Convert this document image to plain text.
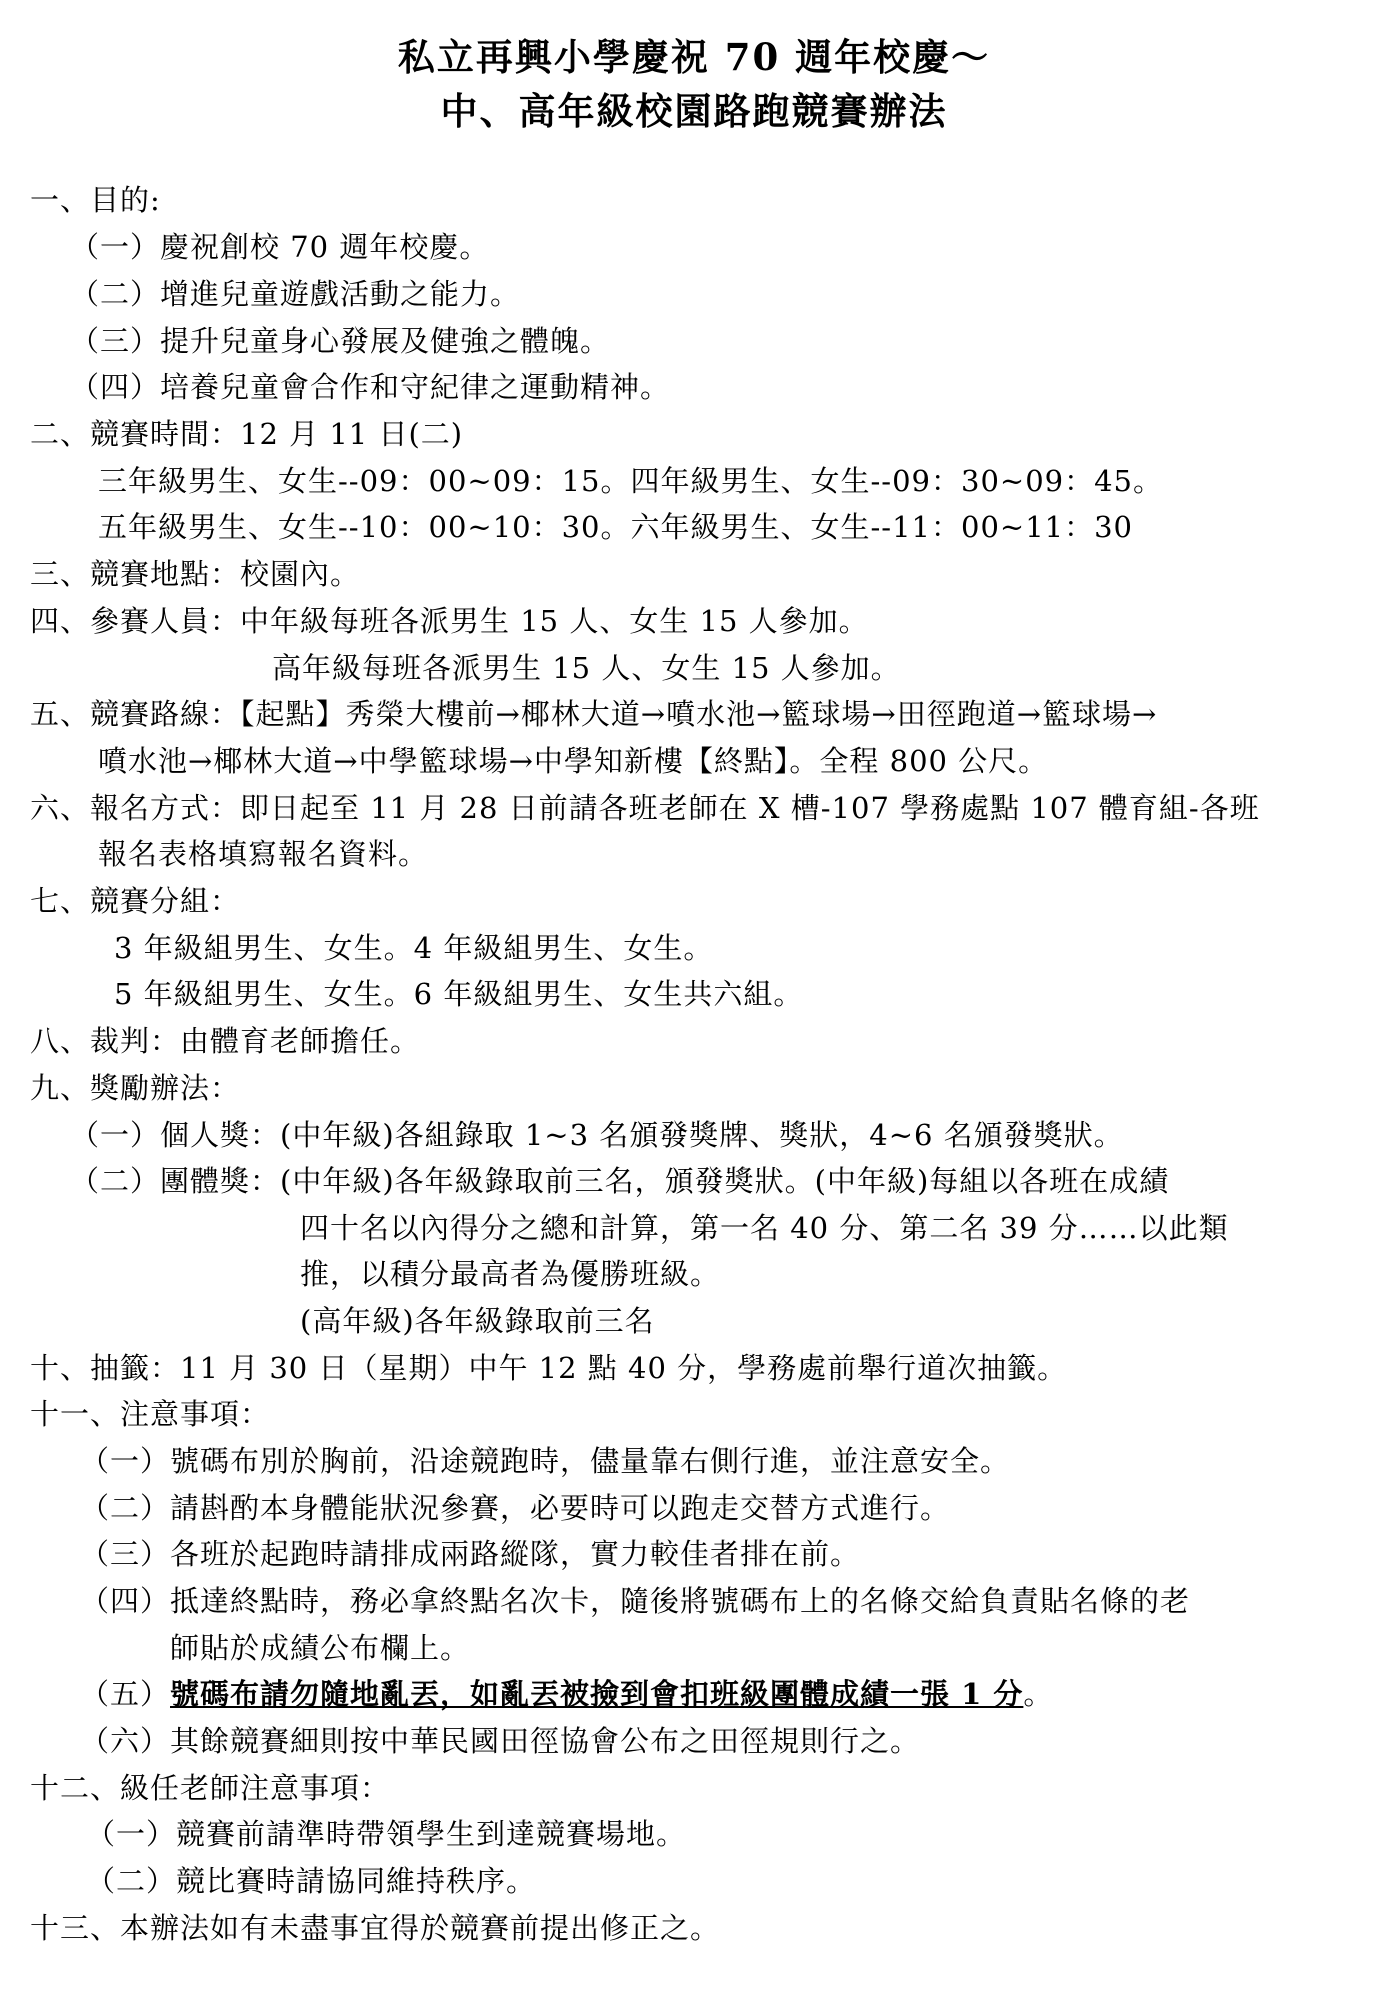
私立再興小學慶祝 70 週年校慶～
中、高年級校園路跑競賽辦法
一、目的:
（一）慶祝創校 70 週年校慶。
（二）增進兒童遊戲活動之能力。
（三）提升兒童身心發展及健強之體魄。
（四）培養兒童會合作和守紀律之運動精神。
二、競賽時間：12 月 11 日(二)
三年級男生、女生--09：00~09：15。四年級男生、女生--09：30~09：45。
五年級男生、女生--10：00~10：30。六年級男生、女生--11：00~11：30
三、競賽地點：校園內。
四、參賽人員：中年級每班各派男生 15 人、女生 15 人參加。
高年級每班各派男生 15 人、女生 15 人參加。
五、競賽路線：【起點】秀榮大樓前→椰林大道→噴水池→籃球場→田徑跑道→籃球場→
噴水池→椰林大道→中學籃球場→中學知新樓【終點】。全程 800 公尺。
六、報名方式：即日起至 11 月 28 日前請各班老師在 X 槽-107 學務處點 107 體育組-各班
報名表格填寫報名資料。
七、競賽分組：
3 年級組男生、女生。4 年級組男生、女生。
5 年級組男生、女生。6 年級組男生、女生共六組。
八、裁判：由體育老師擔任。
九、獎勵辦法：
（一）個人獎：(中年級)各組錄取 1~3 名頒發獎牌、獎狀，4~6 名頒發獎狀。
（二）團體獎：(中年級)各年級錄取前三名，頒發獎狀。(中年級)每組以各班在成績
四十名以內得分之總和計算，第一名 40 分、第二名 39 分……以此類
推，以積分最高者為優勝班級。
(高年級)各年級錄取前三名
十、抽籤：11 月 30 日（星期）中午 12 點 40 分，學務處前舉行道次抽籤。
十一、注意事項：
（一）號碼布別於胸前，沿途競跑時，儘量靠右側行進，並注意安全。
（二）請斟酌本身體能狀況參賽，必要時可以跑走交替方式進行。
（三）各班於起跑時請排成兩路縱隊，實力較佳者排在前。
（四）抵達終點時，務必拿終點名次卡，隨後將號碼布上的名條交給負責貼名條的老
師貼於成績公布欄上。
（五）號碼布請勿隨地亂丟，如亂丟被撿到會扣班級團體成績一張 1 分。
（六）其餘競賽細則按中華民國田徑協會公布之田徑規則行之。
十二、級任老師注意事項：
（一）競賽前請準時帶領學生到達競賽場地。
（二）競比賽時請協同維持秩序。
十三、本辦法如有未盡事宜得於競賽前提出修正之。
